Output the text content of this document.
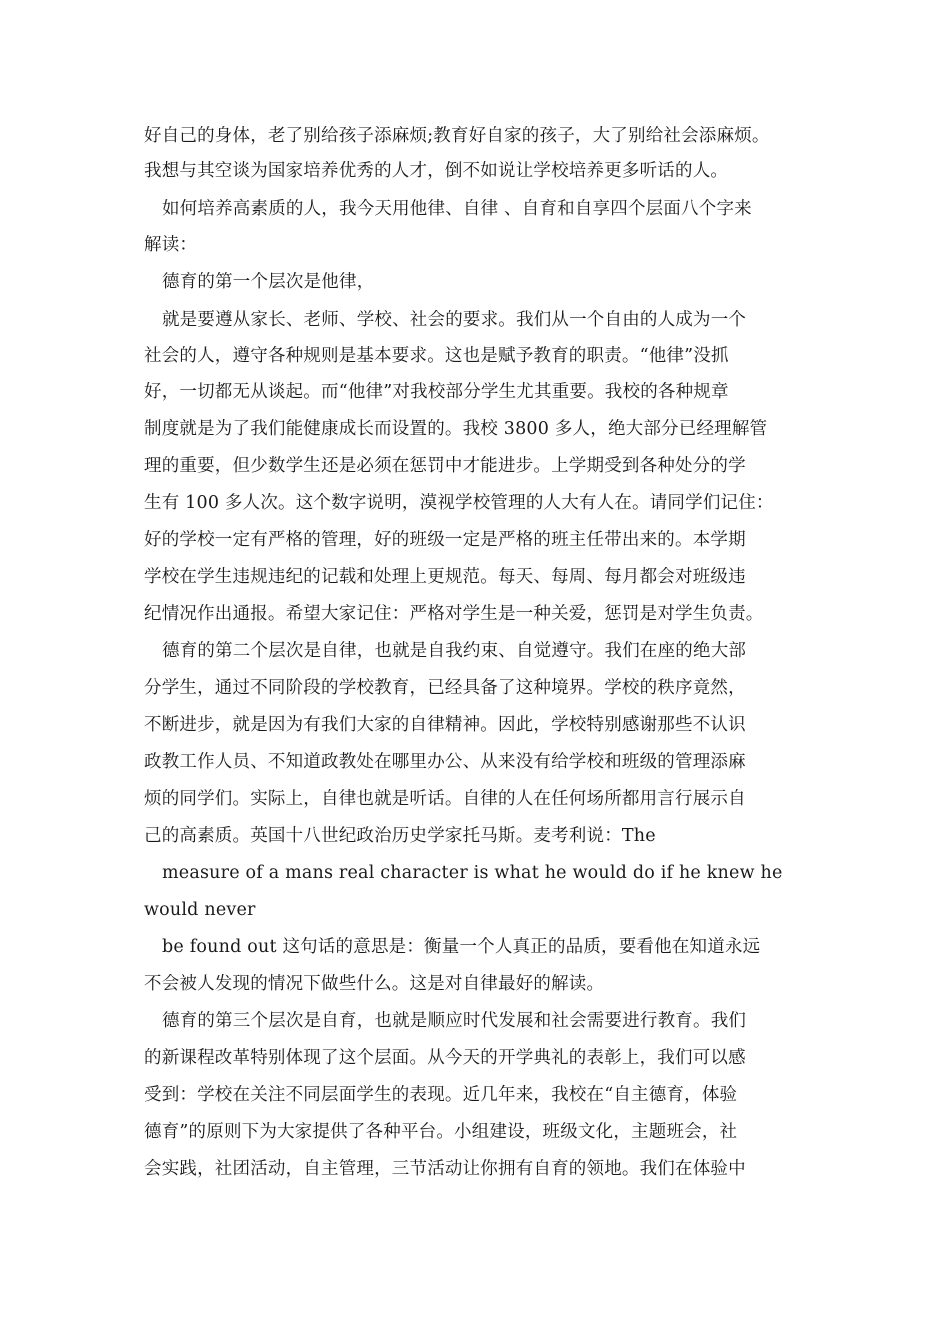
好自己的身体，老了别给孩子添麻烦;教育好自家的孩子，大了别给社会添麻烦。
我想与其空谈为国家培养优秀的人才，倒不如说让学校培养更多听话的人。
如何培养高素质的人，我今天用他律、自律 、自育和自享四个层面八个字来
解读：
德育的第一个层次是他律，
就是要遵从家长、老师、学校、社会的要求。我们从一个自由的人成为一个
社会的人，遵守各种规则是基本要求。这也是赋予教育的职责。“他律”没抓
好，一切都无从谈起。而“他律”对我校部分学生尤其重要。我校的各种规章
制度就是为了我们能健康成长而设置的。我校 3800 多人，绝大部分已经理解管
理的重要，但少数学生还是必须在惩罚中才能进步。上学期受到各种处分的学
生有 100 多人次。这个数字说明，漠视学校管理的人大有人在。请同学们记住：
好的学校一定有严格的管理，好的班级一定是严格的班主任带出来的。本学期
学校在学生违规违纪的记载和处理上更规范。每天、每周、每月都会对班级违
纪情况作出通报。希望大家记住：严格对学生是一种关爱，惩罚是对学生负责。
德育的第二个层次是自律，也就是自我约束、自觉遵守。我们在座的绝大部
分学生，通过不同阶段的学校教育，已经具备了这种境界。学校的秩序竟然，
不断进步，就是因为有我们大家的自律精神。因此，学校特别感谢那些不认识
政教工作人员、不知道政教处在哪里办公、从来没有给学校和班级的管理添麻
烦的同学们。实际上，自律也就是听话。自律的人在任何场所都用言行展示自
己的高素质。英国十八世纪政治历史学家托马斯。麦考利说：The
measure of a mans real character is what he would do if he knew he
would never
be found out 这句话的意思是：衡量一个人真正的品质，要看他在知道永远
不会被人发现的情况下做些什么。这是对自律最好的解读。
德育的第三个层次是自育，也就是顺应时代发展和社会需要进行教育。我们
的新课程改革特别体现了这个层面。从今天的开学典礼的表彰上，我们可以感
受到：学校在关注不同层面学生的表现。近几年来，我校在“自主德育，体验
德育”的原则下为大家提供了各种平台。小组建设，班级文化，主题班会，社
会实践，社团活动，自主管理，三节活动让你拥有自育的领地。我们在体验中
